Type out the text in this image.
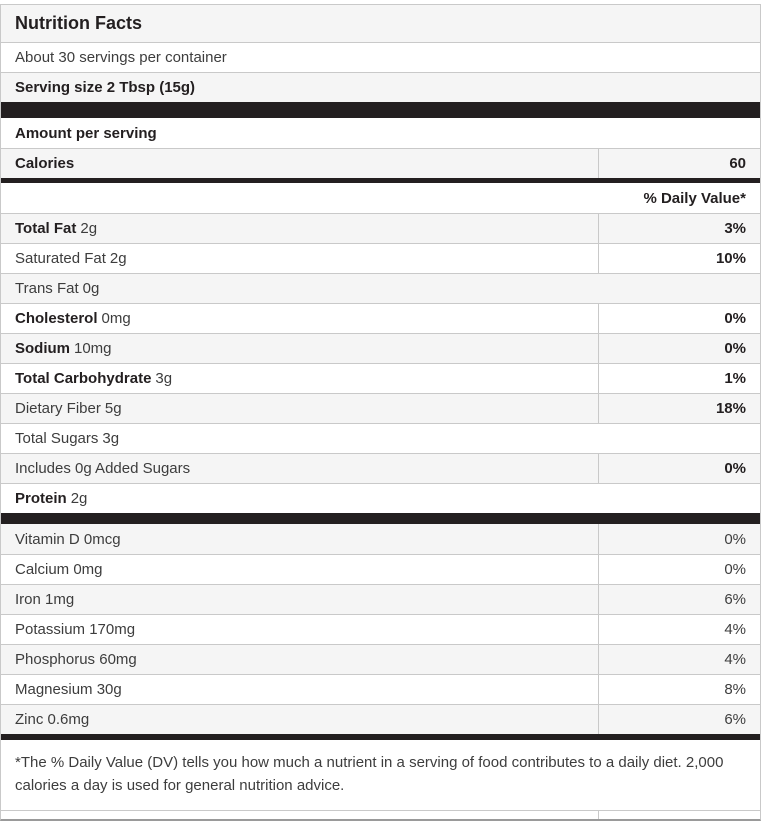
Nutrition Facts
About 30 servings per container
Serving size 2 Tbsp (15g)
Amount per serving
Calories	60
% Daily Value*
Total Fat 2g	3%
Saturated Fat 2g	10%
Trans Fat 0g
Cholesterol 0mg	0%
Sodium 10mg	0%
Total Carbohydrate 3g	1%
Dietary Fiber 5g	18%
Total Sugars 3g
Includes 0g Added Sugars	0%
Protein 2g
Vitamin D 0mcg	0%
Calcium 0mg	0%
Iron 1mg	6%
Potassium 170mg	4%
Phosphorus 60mg	4%
Magnesium 30g	8%
Zinc 0.6mg	6%
*The % Daily Value (DV) tells you how much a nutrient in a serving of food contributes to a daily diet. 2,000 calories a day is used for general nutrition advice.
